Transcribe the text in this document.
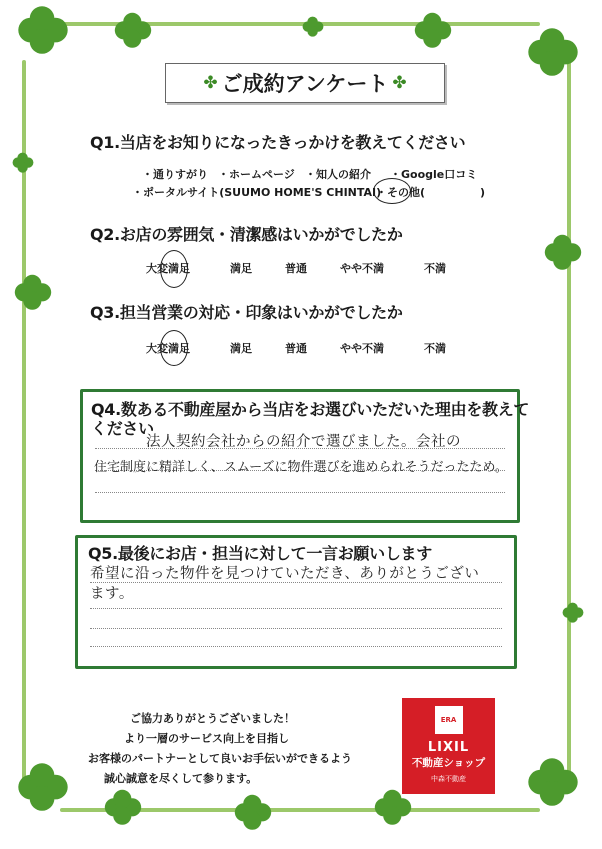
✤ ご成約アンケート ✤
Q1.当店をお知りになったきっかけを教えてください
・通りすがり ・ホームページ ・知人の紹介 ・Google口コミ
・ポータルサイト(SUUMO HOME'S CHINTAI)
・その他(　　　　　)
Q2.お店の雰囲気・清潔感はいかがでしたか
大変満足	満足	普通	やや不満	不満
Q3.担当営業の対応・印象はいかがでしたか
大変満足	満足	普通	やや不満	不満
Q4.数ある不動産屋から当店をお選びいただいた理由を教えて
ください
法人契約会社からの紹介で選びました。会社の
住宅制度に精詳しく、スムーズに物件選びを進められそうだったため。
Q5.最後にお店・担当に対して一言お願いします
希望に沿った物件を見つけていただき、ありがとうござい
ます。
ご協力ありがとうございました！
より一層のサービス向上を目指し
お客様のパートナーとして良いお手伝いができるよう
誠心誠意を尽くして参ります。
ERA
LIXIL
不動産ショップ
中森不動産
